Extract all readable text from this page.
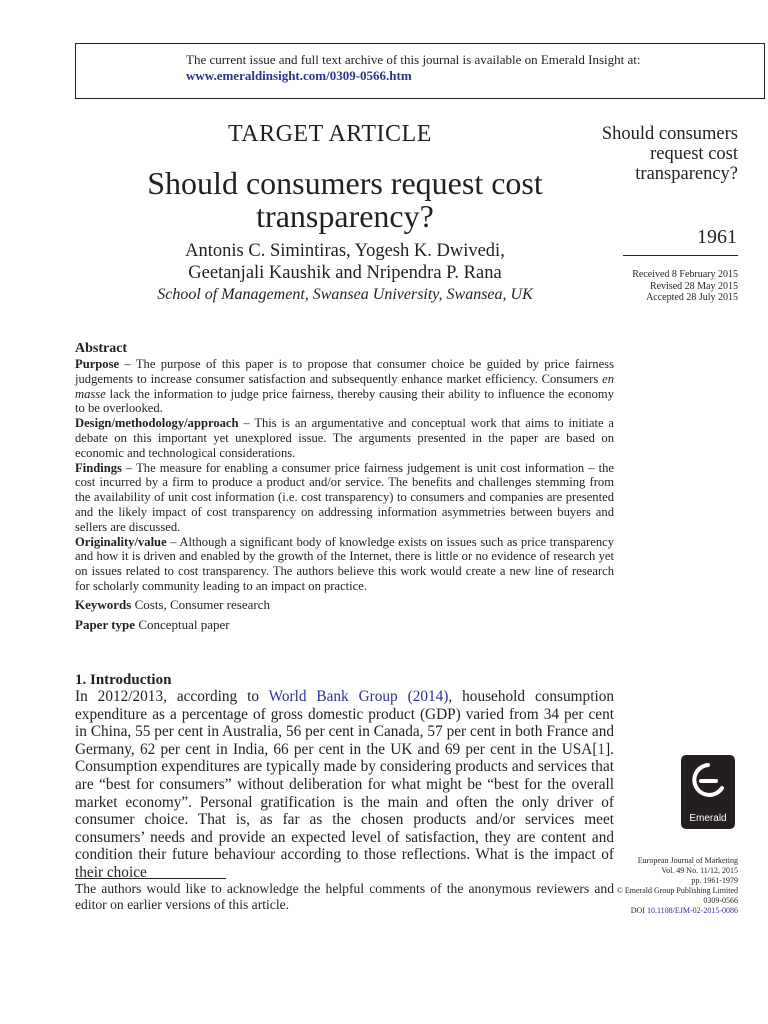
The current issue and full text archive of this journal is available on Emerald Insight at:
www.emeraldinsight.com/0309-0566.htm
TARGET ARTICLE
Should consumers request cost transparency?
Antonis C. Simintiras, Yogesh K. Dwivedi,
Geetanjali Kaushik and Nripendra P. Rana
School of Management, Swansea University, Swansea, UK
Should consumers request cost transparency?
1961
Received 8 February 2015
Revised 28 May 2015
Accepted 28 July 2015

Abstract

Purpose – The purpose of this paper is to propose that consumer choice be guided by price fairness judgements to increase consumer satisfaction and subsequently enhance market efficiency. Consumers en masse lack the information to judge price fairness, thereby causing their ability to influence the economy to be overlooked.

Design/methodology/approach – This is an argumentative and conceptual work that aims to initiate a debate on this important yet unexplored issue. The arguments presented in the paper are based on economic and technological considerations.

Findings – The measure for enabling a consumer price fairness judgement is unit cost information – the cost incurred by a firm to produce a product and/or service. The benefits and challenges stemming from the availability of unit cost information (i.e. cost transparency) to consumers and companies are presented and the likely impact of cost transparency on addressing information asymmetries between buyers and sellers are discussed.

Originality/value – Although a significant body of knowledge exists on issues such as price transparency and how it is driven and enabled by the growth of the Internet, there is little or no evidence of research yet on issues related to cost transparency. The authors believe this work would create a new line of research for scholarly community leading to an impact on practice.

Keywords Costs, Consumer research

Paper type Conceptual paper

1. Introduction
In 2012/2013, according to World Bank Group (2014), household consumption expenditure as a percentage of gross domestic product (GDP) varied from 34 per cent in China, 55 per cent in Australia, 56 per cent in Canada, 57 per cent in both France and Germany, 62 per cent in India, 66 per cent in the UK and 69 per cent in the USA[1]. Consumption expenditures are typically made by considering products and services that are “best for consumers” without deliberation for what might be “best for the overall market economy”. Personal gratification is the main and often the only driver of consumer choice. That is, as far as the chosen products and/or services meet consumers’ needs and provide an expected level of satisfaction, they are content and condition their future behaviour according to those reflections. What is the impact of their choice
The authors would like to acknowledge the helpful comments of the anonymous reviewers and editor on earlier versions of this article.
Emerald
European Journal of Marketing
Vol. 49 No. 11/12, 2015
pp. 1961-1979
© Emerald Group Publishing Limited
0309-0566
DOI 10.1108/EJM-02-2015-0086
